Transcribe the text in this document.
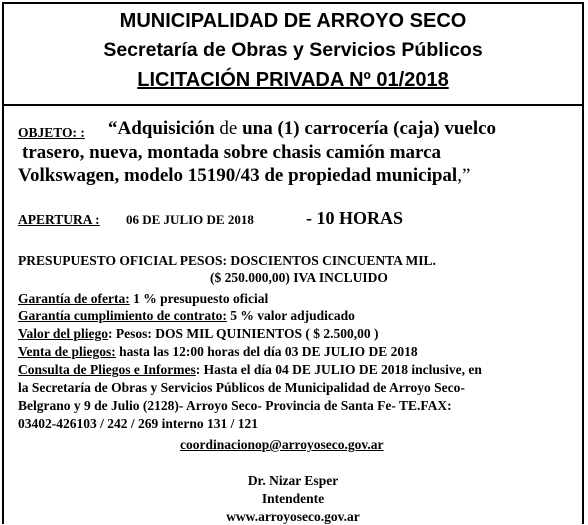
MUNICIPALIDAD DE ARROYO SECO
Secretaría de Obras y Servicios Públicos
LICITACIÓN PRIVADA Nº 01/2018
OBJETO: : “Adquisición de una (1) carrocería (caja) vuelco
trasero, nueva, montada sobre chasis camión marca
Volkswagen, modelo 15190/43 de propiedad municipal,”
APERTURA : 06 DE JULIO DE 2018	- 10 HORAS
PRESUPUESTO OFICIAL PESOS: DOSCIENTOS CINCUENTA MIL.
($ 250.000,00) IVA INCLUIDO
Garantía de oferta: 1 % presupuesto oficial
Garantía cumplimiento de contrato: 5 % valor adjudicado
Valor del pliego: Pesos: DOS MIL QUINIENTOS ( $ 2.500,00 )
Venta de pliegos: hasta las 12:00 horas del día 03 DE JULIO DE 2018
Consulta de Pliegos e Informes: Hasta el día 04 DE JULIO DE 2018 inclusive, en
la Secretaría de Obras y Servicios Públicos de Municipalidad de Arroyo Seco-
Belgrano y 9 de Julio (2128)- Arroyo Seco- Provincia de Santa Fe- TE.FAX:
03402-426103 / 242 / 269 interno 131 / 121
coordinacionop@arroyoseco.gov.ar
Dr. Nizar Esper
Intendente
www.arroyoseco.gov.ar
